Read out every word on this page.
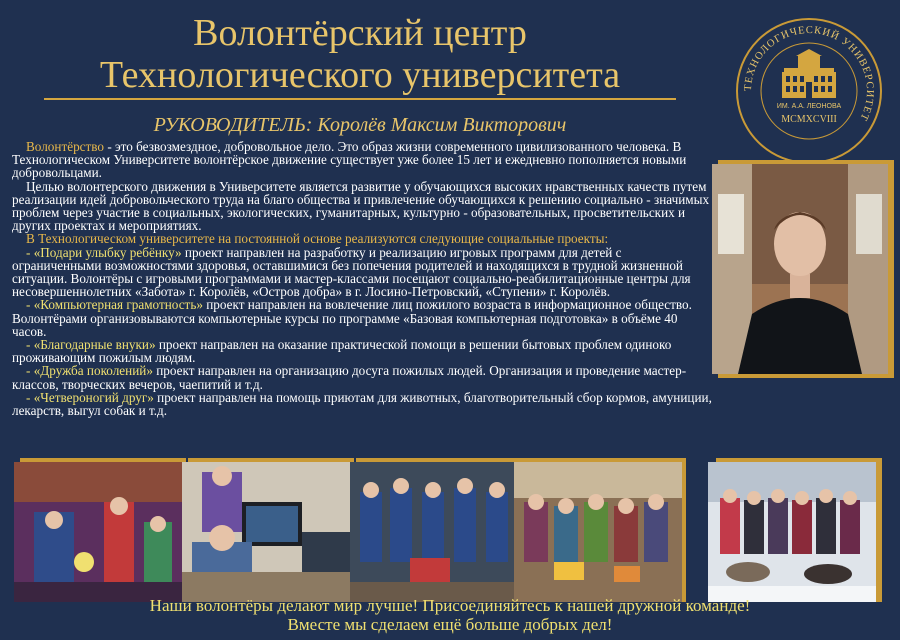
Волонтёрский центр
Технологического университета
РУКОВОДИТЕЛЬ: Королёв Максим Викторович
ТЕХНОЛОГИЧЕСКИЙ УНИВЕРСИТЕТ
ИМ. А.А. ЛЕОНОВА
MCMXCVIII

Волонтёрство - это безвозмездное, добровольное дело. Это образ жизни современного цивилизованного человека. В Технологическом Университете волонтёрское движение существует уже более 15 лет и ежедневно пополняется новыми добровольцами.

Целью волонтерского движения в Университете является развитие у обучающихся высоких нравственных качеств путем реализации идей добровольческого труда на благо общества и привлечение обучающихся к решению социально - значимых проблем через участие в социальных, экологических, гуманитарных, культурно - образовательных, просветительских и других проектах и мероприятиях.

В Технологическом университете на постоянной основе реализуются следующие социальные проекты:

- «Подари улыбку ребёнку» проект направлен на разработку и реализацию игровых программ для детей с ограниченными возможностями здоровья, оставшимися без попечения родителей и находящихся в трудной жизненной ситуации. Волонтёры с игровыми программами и мастер-классами посещают социально-реабилитационные центры для несовершеннолетних «Забота» г. Королёв, «Остров добра» в г. Лосино-Петровский, «Ступени» г. Королёв.

- «Компьютерная грамотность» проект направлен на вовлечение лиц пожилого возраста в информационное общество. Волонтёрами организовываются компьютерные курсы по программе «Базовая компьютерная подготовка» в объёме 40 часов.

- «Благодарные внуки» проект направлен на оказание практической помощи в решении бытовых проблем одиноко проживающим пожилым людям.

- «Дружба поколений» проект направлен на организацию досуга пожилых людей. Организация и проведение мастер-классов, творческих вечеров, чаепитий и т.д.

- «Четвероногий друг» проект направлен на помощь приютам для животных, благотворительный сбор кормов, амуниции, лекарств, выгул собак и т.д.

Наши волонтёры делают мир лучше! Присоединяйтесь к нашей дружной команде!
Вместе мы сделаем ещё больше добрых дел!
